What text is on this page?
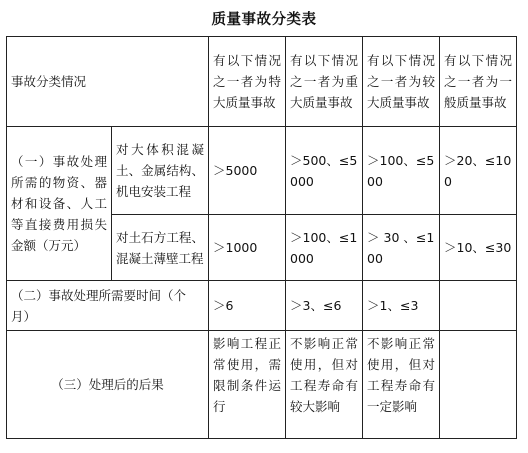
质量事故分类表
事故分类情况		有以下情况之一者为特大质量事故	有以下情况之一者为重大质量事故	有以下情况之一者为较大质量事故	有以下情况之一者为一般质量事故
（一）事故处理所需的物资、器材和设备、人工等直接费用损失金额（万元）	对大体积混凝土、金属结构、机电安装工程	＞5000	＞500、≤5000	＞100、≤500	＞20、≤100
	对土石方工程、混凝土薄壁工程	＞1000	＞100、≤1000	＞ 30 、≤100	＞10、≤30
（二）事故处理所需要时间（个月）		＞6	＞3、≤6	＞1、≤3	
（三）处理后的后果		影响工程正常使用，需限制条件运行	不影响正常使用，但对工程寿命有较大影响	不影响正常使用，但对工程寿命有一定影响	
